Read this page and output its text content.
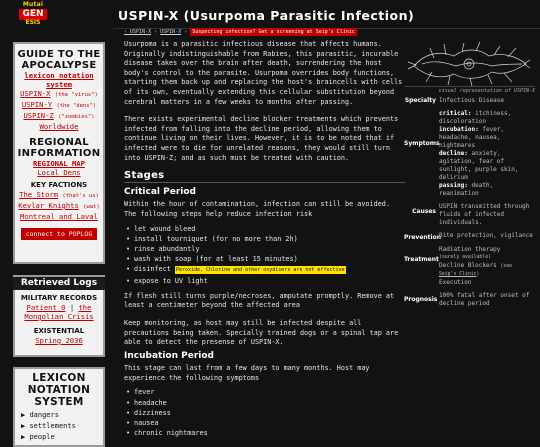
Mutai
GEN
ESIS
GUIDE TO THE APOCALYPSE
lexicon notation system
USPIN-X (the "virus")
USPIN-Y (the "dens")
USPIN-Z ("zombies")
Worldwide
REGIONAL INFORMATION
REGIONAL MAP
Local Dens
KEY FACTIONS
The Storm (that's us)
Kevlar Knights (wat)
Montreal and Laval
connect to POPLOG
Retrieved Logs
MILITARY RECORDS
Patient 0 | the
Mongolian Crisis
EXISTENTIAL
Spring 2036
LEXICON NOTATION SYSTEM
▶ dangers
▶ settlements
▶ people
USPIN-X (Usurpoma Parasitic Infection)
‹ USPIN-X › USPIN-X › Suspecting infection? Get a screening at Seip's Clinic

Usurpoma is a parasitic infectious disease that affects humans. Originally indistinguishable from Rabies, this parasitic, incurable disease takes over the brain after death, surrendering the host body's control to the parasite. Usurpoma overrides body functions, starting them back up and replacing the host's braincells with cells of its own, eventually extending this cellular substitution beyond cerebral matters in a few weeks to months after passing.

There exists experimental decline blocker treatments which prevents infected from falling into the decline period, allowing them to continue living on their lives. However, it is to be noted that if infected were to die for unrelated reasons, they would still turn into USPIN-Z; and as such must be treated with caution.

Stages
Critical Period

Within the hour of contamination, infection can still be avoided. The following steps help reduce infection risk

• let wound bleed
• install tourniquet (for no more than 2h)
• rinse abundantly
• wash with soap (for at least 15 minutes)
• disinfect Peroxide, Chlorine and other oxydisers are not effective
• expose to UV light

If flesh still turns purple/necroses, amputate promptly. Remove at least a centimeter beyond the affected area

Keep monitoring, as host may still be infected despite all precautions being taken. Specially trained dogs or a spinal tap are able to detect the presense of USPIN-X.

Incubation Period

This stage can last from a few days to many months. Host may experience the following symptoms

• fever
• headache
• dizziness
• nausea
• chronic nightmares
visual representation of USPIN-X
Specialty Infectious Disease
Symptoms
critical: itchiness, discoloration
incubation: fever, headache, nausea, nightmares
decline: anxiety, agitation, fear of sunlight, purple skin, delirium
passing: death, reanimation
Causes
USPIN transmitted through fluids of infected individuals.
Prevention
Bite protection, vigilance
Treatment
Radiation therapy
(surely available)
Decline Blockers (see
Seip's Clinic)
Execution
Prognosis
100% fatal after onset of decline period
